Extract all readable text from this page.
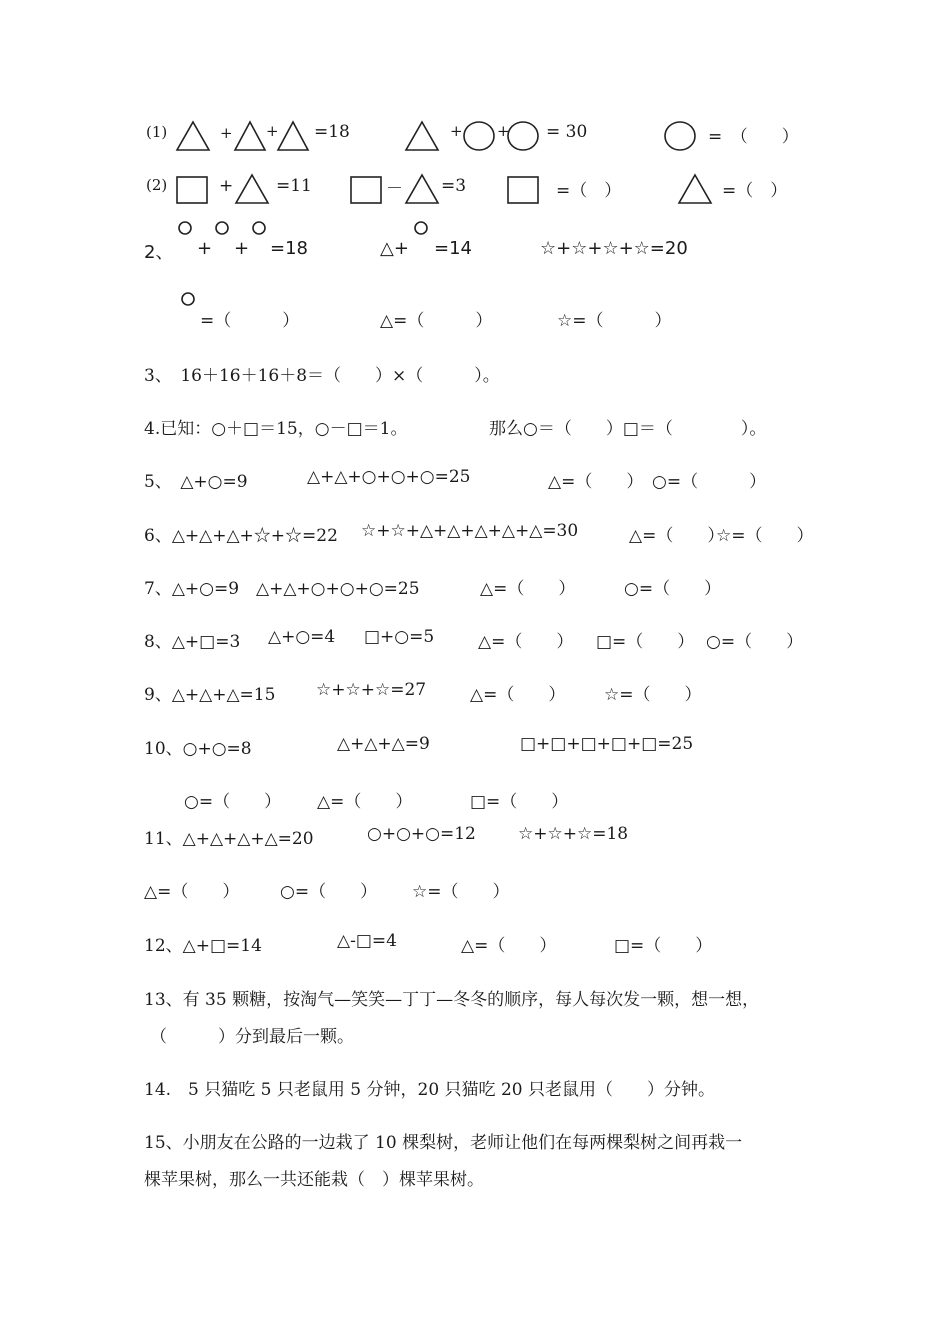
(1)	+ + =18	+ + = 30	=　（　　）
(2)	+	=11	－ =3	=（　）	=（　）
2、 + + =18	△+ =14	☆+☆+☆+☆=20
=（　　　）	△=（　　　）	☆=（　　　）
3、　16＋16＋16＋8＝（　　）×（　　　）。
4.已知：○＋□＝15，○－□＝1。	那么○＝（　　）□＝（　　　　）。
5、　△+○=9	△+△+○+○+○=25	△=（　　） ○=（　　　）
6、△+△+△+☆+☆=22 ☆+☆+△+△+△+△+△=30	△=（　　）
☆=（　　）
7、△+○=9　△+△+○+○+○=25	△=（　　）	○=（　　）
8、△+□=3 △+○=4 □+○=5	△=（　　） □=（　　） ○=（　　）
9、△+△+△=15 ☆+☆+☆=27	△=（　　） ☆=（　　）
10、○+○=8	△+△+△=9	□+□+□+□+□=25
○=（　　） △=（　　）	□=（　　）
11、△+△+△+△=20	○+○+○=12 ☆+☆+☆=18
△=（　　） ○=（　　） ☆=（　　）
12、△+□=14	△-□=4	△=（　　）	□=（　　）
13、有 35 颗糖，按淘气—笑笑—丁丁—冬冬的顺序，每人每次发一颗，想一想，
（　　　）分到最后一颗。
14.　5 只猫吃 5 只老鼠用 5 分钟，20 只猫吃 20 只老鼠用（　　）分钟。
15、小朋友在公路的一边栽了 10 棵梨树，老师让他们在每两棵梨树之间再栽一
棵苹果树，那么一共还能栽（　）棵苹果树。
